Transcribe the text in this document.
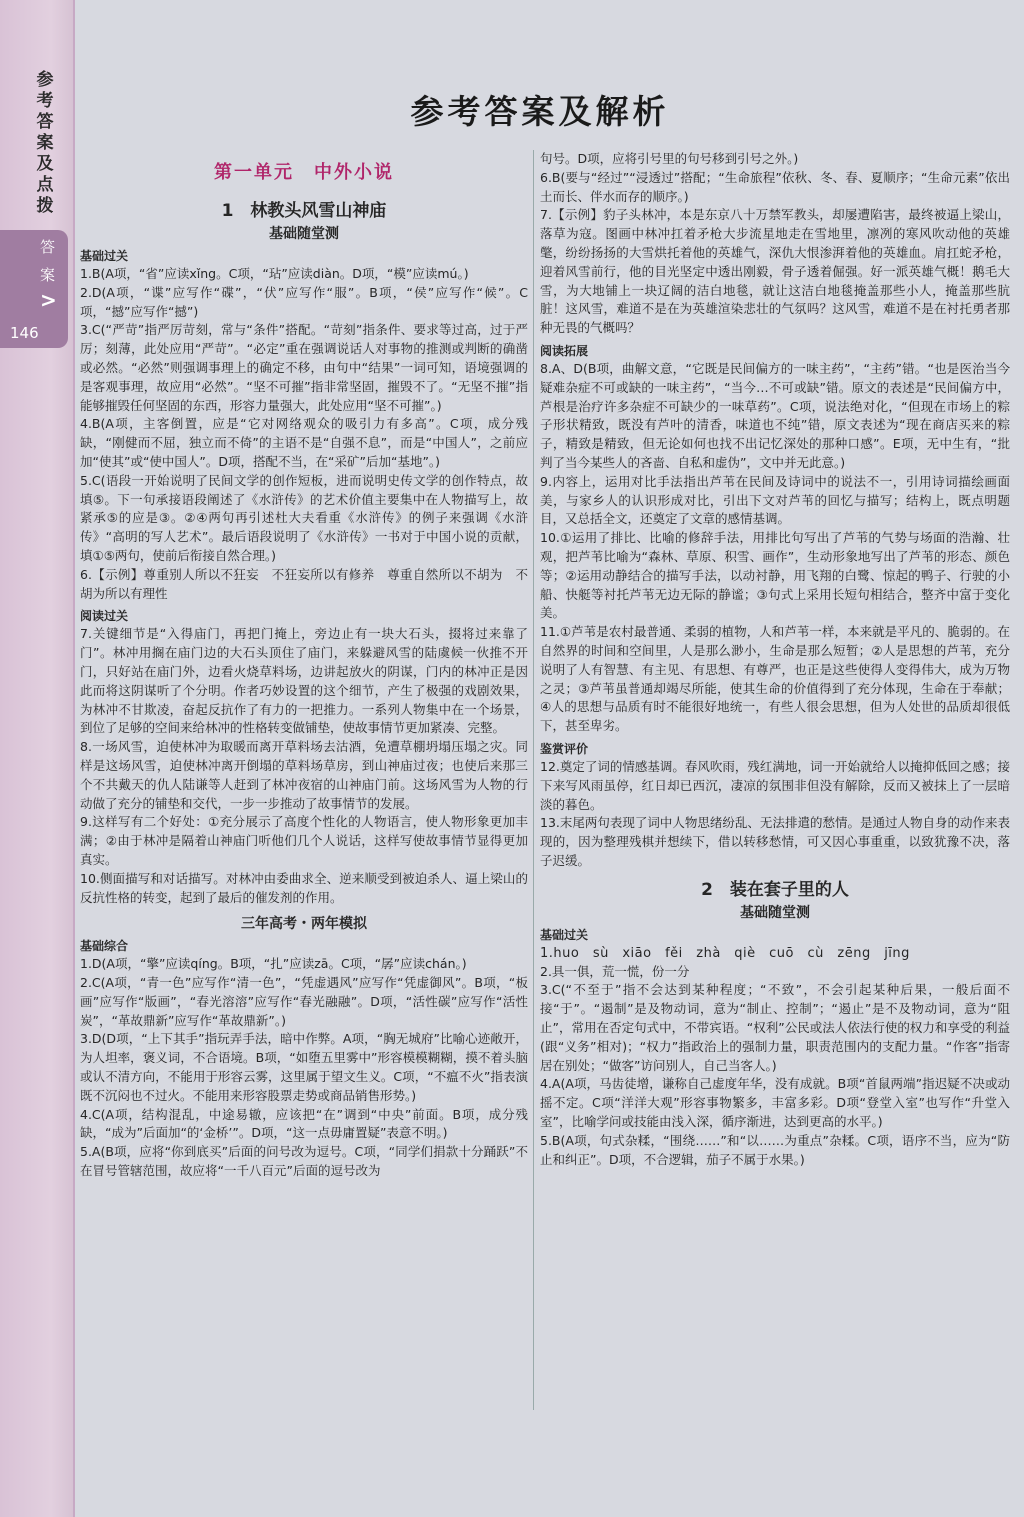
参考答案及点拨
答
案
>
146
参考答案及解析
第一单元　中外小说
1　林教头风雪山神庙
基础随堂测
基础过关

1.B(A项，“省”应读xǐng。C项，“玷”应读diàn。D项，“模”应读mú。)

2.D(A项，“谍”应写作“碟”，“伏”应写作“服”。B项，“侯”应写作“候”。C项，“撼”应写作“撼”)

3.C(“严苛”指严厉苛刻，常与“条件”搭配。“苛刻”指条件、要求等过高，过于严厉；刻薄，此处应用“严苛”。“必定”重在强调说话人对事物的推测或判断的确凿或必然。“必然”则强调事理上的确定不移，由句中“结果”一词可知，语境强调的是客观事理，故应用“必然”。“坚不可摧”指非常坚固，摧毁不了。“无坚不摧”指能够摧毁任何坚固的东西，形容力量强大，此处应用“坚不可摧”。)

4.B(A项，主客倒置，应是“它对网络观众的吸引力有多高”。C项，成分残缺，“刚健而不屈，独立而不倚”的主语不是“自强不息”，而是“中国人”，之前应加“使其”或“使中国人”。D项，搭配不当，在“采矿”后加“基地”。)

5.C(语段一开始说明了民间文学的创作短板，进而说明史传文学的创作特点，故填⑤。下一句承接语段阐述了《水浒传》的艺术价值主要集中在人物描写上，故紧承⑤的应是③。②④两句再引述杜大夫看重《水浒传》的例子来强调《水浒传》“高明的写人艺术”。最后语段说明了《水浒传》一书对于中国小说的贡献，填①⑤两句，使前后衔接自然合理。)

6.【示例】尊重别人所以不狂妄　不狂妄所以有修养　尊重自然所以不胡为　不胡为所以有理性

阅读过关

7.关键细节是“入得庙门，再把门掩上，旁边止有一块大石头，掇将过来靠了门”。林冲用搁在庙门边的大石头顶住了庙门，来躲避风雪的陆虞候一伙推不开门，只好站在庙门外，边看火烧草料场，边讲起放火的阴谋，门内的林冲正是因此而将这阴谋听了个分明。作者巧妙设置的这个细节，产生了极强的戏剧效果，为林冲不甘欺凌，奋起反抗作了有力的一把推力。一系列人物集中在一个场景，到位了足够的空间来给林冲的性格转变做铺垫，使故事情节更加紧凑、完整。

8.一场风雪，迫使林冲为取暖而离开草料场去沽酒，免遭草棚坍塌压塌之灾。同样是这场风雪，迫使林冲离开倒塌的草料场草房，到山神庙过夜；也使后来那三个不共戴天的仇人陆谦等人赶到了林冲夜宿的山神庙门前。这场风雪为人物的行动做了充分的铺垫和交代，一步一步推动了故事情节的发展。

9.这样写有二个好处：①充分展示了高度个性化的人物语言，使人物形象更加丰满；②由于林冲是隔着山神庙门听他们几个人说话，这样写使故事情节显得更加真实。

10.侧面描写和对话描写。对林冲由委曲求全、逆来顺受到被迫杀人、逼上梁山的反抗性格的转变，起到了最后的催发剂的作用。

三年高考・两年模拟
基础综合

1.D(A项，“擎”应读qíng。B项，“扎”应读zā。C项，“孱”应读chán。)

2.C(A项，“青一色”应写作“清一色”，“凭虚遇风”应写作“凭虚御风”。B项，“板画”应写作“版画”，“春光溶溶”应写作“春光融融”。D项，“活性碳”应写作“活性炭”，“革故鼎新”应写作“革故鼎新”。)

3.D(D项，“上下其手”指玩弄手法，暗中作弊。A项，“胸无城府”比喻心迹敞开，为人坦率，褒义词，不合语境。B项，“如堕五里雾中”形容模模糊糊，摸不着头脑或认不清方向，不能用于形容云雾，这里属于望文生义。C项，“不瘟不火”指表演既不沉闷也不过火。不能用来形容股票走势或商品销售形势。)

4.C(A项，结构混乱，中途易辙，应该把“在”调到“中央”前面。B项，成分残缺，“成为”后面加“的‘金桥’”。D项，“这一点毋庸置疑”表意不明。)

5.A(B项，应将“你到底买”后面的问号改为逗号。C项，“同学们捐款十分踊跃”不在冒号管辖范围，故应将“一千八百元”后面的逗号改为

句号。D项，应将引号里的句号移到引号之外。)

6.B(要与“经过”“浸透过”搭配；“生命旅程”依秋、冬、春、夏顺序；“生命元素”依出土而长、伴水而存的顺序。)

7.【示例】豹子头林冲，本是东京八十万禁军教头，却屡遭陷害，最终被逼上梁山，落草为寇。图画中林冲扛着矛枪大步流星地走在雪地里，凛冽的寒风吹动他的英雄氅，纷纷扬扬的大雪烘托着他的英雄气，深仇大恨渗湃着他的英雄血。肩扛蛇矛枪，迎着风雪前行，他的目光坚定中透出刚毅，骨子透着倔强。好一派英雄气概！鹅毛大雪，为大地铺上一块辽阔的洁白地毯，就让这洁白地毯掩盖那些小人，掩盖那些肮脏！这风雪，难道不是在为英雄渲染悲壮的气氛吗？这风雪，难道不是在衬托勇者那种无畏的气概吗？

阅读拓展

8.A、D(B项，曲解文意，“它既是民间偏方的一味主药”，“主药”错。“也是医治当今疑难杂症不可或缺的一味主药”，“当今…不可或缺”错。原文的表述是“民间偏方中，芦根是治疗许多杂症不可缺少的一味草药”。C项，说法绝对化，“但现在市场上的粽子形状精致，既没有芦叶的清香，味道也不纯”错，原文表述为“现在商店买来的粽子，精致是精致，但无论如何也找不出记忆深处的那种口感”。E项，无中生有，“批判了当今某些人的吝啬、自私和虚伪”，文中并无此意。)

9.内容上，运用对比手法指出芦苇在民间及诗词中的说法不一，引用诗词描绘画面美，与家乡人的认识形成对比，引出下文对芦苇的回忆与描写；结构上，既点明题目，又总括全文，还奠定了文章的感情基调。

10.①运用了排比、比喻的修辞手法，用排比句写出了芦苇的气势与场面的浩瀚、壮观，把芦苇比喻为“森林、草原、积雪、画作”，生动形象地写出了芦苇的形态、颜色等；②运用动静结合的描写手法，以动衬静，用飞翔的白鹭、惊起的鸭子、行驶的小船、快艇等衬托芦苇无边无际的静谧；③句式上采用长短句相结合，整齐中富于变化美。

11.①芦苇是农村最普通、柔弱的植物，人和芦苇一样，本来就是平凡的、脆弱的。在自然界的时间和空间里，人是那么渺小，生命是那么短暂；②人是思想的芦苇，充分说明了人有智慧、有主见、有思想、有尊严，也正是这些使得人变得伟大，成为万物之灵；③芦苇虽普通却竭尽所能，使其生命的价值得到了充分体现，生命在于奉献；④人的思想与品质有时不能很好地统一，有些人很会思想，但为人处世的品质却很低下，甚至卑劣。

鉴赏评价

12.奠定了词的情感基调。春风吹雨，残红满地，词一开始就给人以掩抑低回之感；接下来写风雨虽停，红日却已西沉，凄凉的氛围非但没有解除，反而又被抹上了一层暗淡的暮色。

13.末尾两句表现了词中人物思绪纷乱、无法排遣的愁情。是通过人物自身的动作来表现的，因为整理残棋并想续下，借以转移愁情，可又因心事重重，以致犹豫不决，落子迟缓。

2　装在套子里的人
基础随堂测
基础过关

1.huo　sù　xiāo　fěi　zhà　qiè　cuō　cù　zēng　jīng

2.具一俱，荒一慌，份一分

3.C(“不至于”指不会达到某种程度；“不致”，不会引起某种后果，一般后面不接“于”。“遏制”是及物动词，意为“制止、控制”；“遏止”是不及物动词，意为“阻止”，常用在否定句式中，不带宾语。“权利”公民或法人依法行使的权力和享受的利益(跟“义务”相对)；“权力”指政治上的强制力量，职责范围内的支配力量。“作客”指寄居在别处；“做客”访问别人，自己当客人。)

4.A(A项，马齿徒增，谦称自己虚度年华，没有成就。B项“首鼠两端”指迟疑不决或动摇不定。C项“洋洋大观”形容事物繁多，丰富多彩。D项“登堂入室”也写作“升堂入室”，比喻学问或技能由浅入深，循序渐进，达到更高的水平。)

5.B(A项，句式杂糅，“围绕……”和“以……为重点”杂糅。C项，语序不当，应为“防止和纠正”。D项，不合逻辑，茄子不属于水果。)
